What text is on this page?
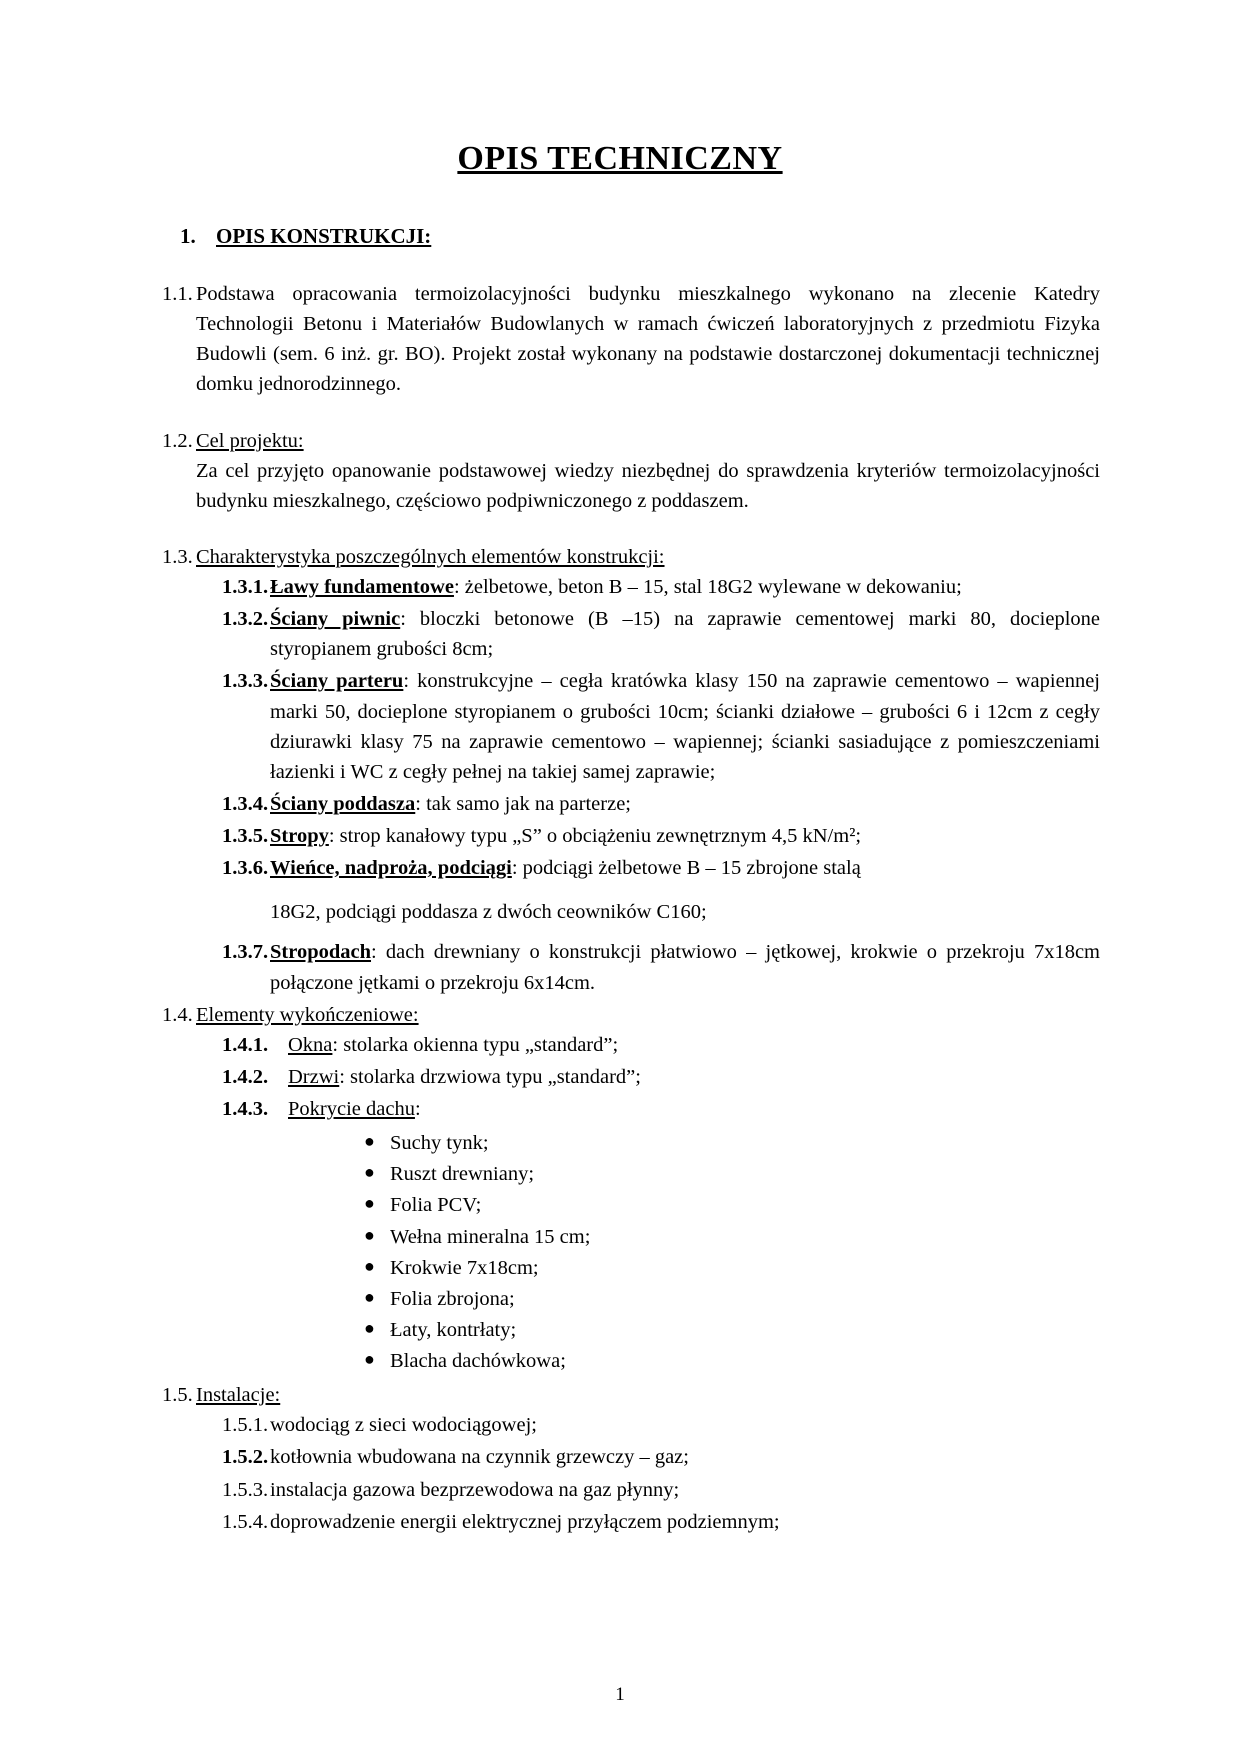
OPIS TECHNICZNY
1. OPIS KONSTRUKCJI:
1.1. Podstawa opracowania termoizolacyjności budynku mieszkalnego wykonano na zlecenie Katedry Technologii Betonu i Materiałów Budowlanych w ramach ćwiczeń laboratoryjnych z przedmiotu Fizyka Budowli (sem. 6 inż. gr. BO). Projekt został wykonany na podstawie dostarczonej dokumentacji technicznej domku jednorodzinnego.
1.2. Cel projektu:
Za cel przyjęto opanowanie podstawowej wiedzy niezbędnej do sprawdzenia kryteriów termoizolacyjności budynku mieszkalnego, częściowo podpiwniczonego z poddaszem.
1.3. Charakterystyka poszczególnych elementów konstrukcji:
1.3.1. Ławy fundamentowe: żelbetowe, beton B – 15, stal 18G2 wylewane w dekowaniu;
1.3.2. Ściany piwnic: bloczki betonowe (B –15) na zaprawie cementowej marki 80, docieplone styropianem grubości 8cm;
1.3.3. Ściany parteru: konstrukcyjne – cegła kratówka klasy 150 na zaprawie cementowo – wapiennej marki 50, docieplone styropianem o grubości 10cm; ścianki działowe – grubości 6 i 12cm z cegły dziurawki klasy 75 na zaprawie cementowo – wapiennej; ścianki sasiadujące z pomieszczeniami łazienki i WC z cegły pełnej na takiej samej zaprawie;
1.3.4. Ściany poddasza: tak samo jak na parterze;
1.3.5. Stropy: strop kanałowy typu „S” o obciążeniu zewnętrznym 4,5 kN/m²;
1.3.6. Wieńce, nadproża, podciągi: podciągi żelbetowe B – 15 zbrojone stalą
18G2, podciągi poddasza z dwóch ceowników C160;
1.3.7. Stropodach: dach drewniany o konstrukcji płatwiowo – jętkowej, krokwie o przekroju 7x18cm połączone jętkami o przekroju 6x14cm.
1.4. Elementy wykończeniowe:
1.4.1. Okna: stolarka okienna typu „standard”;
1.4.2. Drzwi: stolarka drzwiowa typu „standard”;
1.4.3. Pokrycie dachu:
● Suchy tynk;
● Ruszt drewniany;
● Folia PCV;
● Wełna mineralna 15 cm;
● Krokwie 7x18cm;
● Folia zbrojona;
● Łaty, kontrłaty;
● Blacha dachówkowa;
1.5. Instalacje:
1.5.1. wodociąg z sieci wodociągowej;
1.5.2. kotłownia wbudowana na czynnik grzewczy – gaz;
1.5.3. instalacja gazowa bezprzewodowa na gaz płynny;
1.5.4. doprowadzenie energii elektrycznej przyłączem podziemnym;
1
